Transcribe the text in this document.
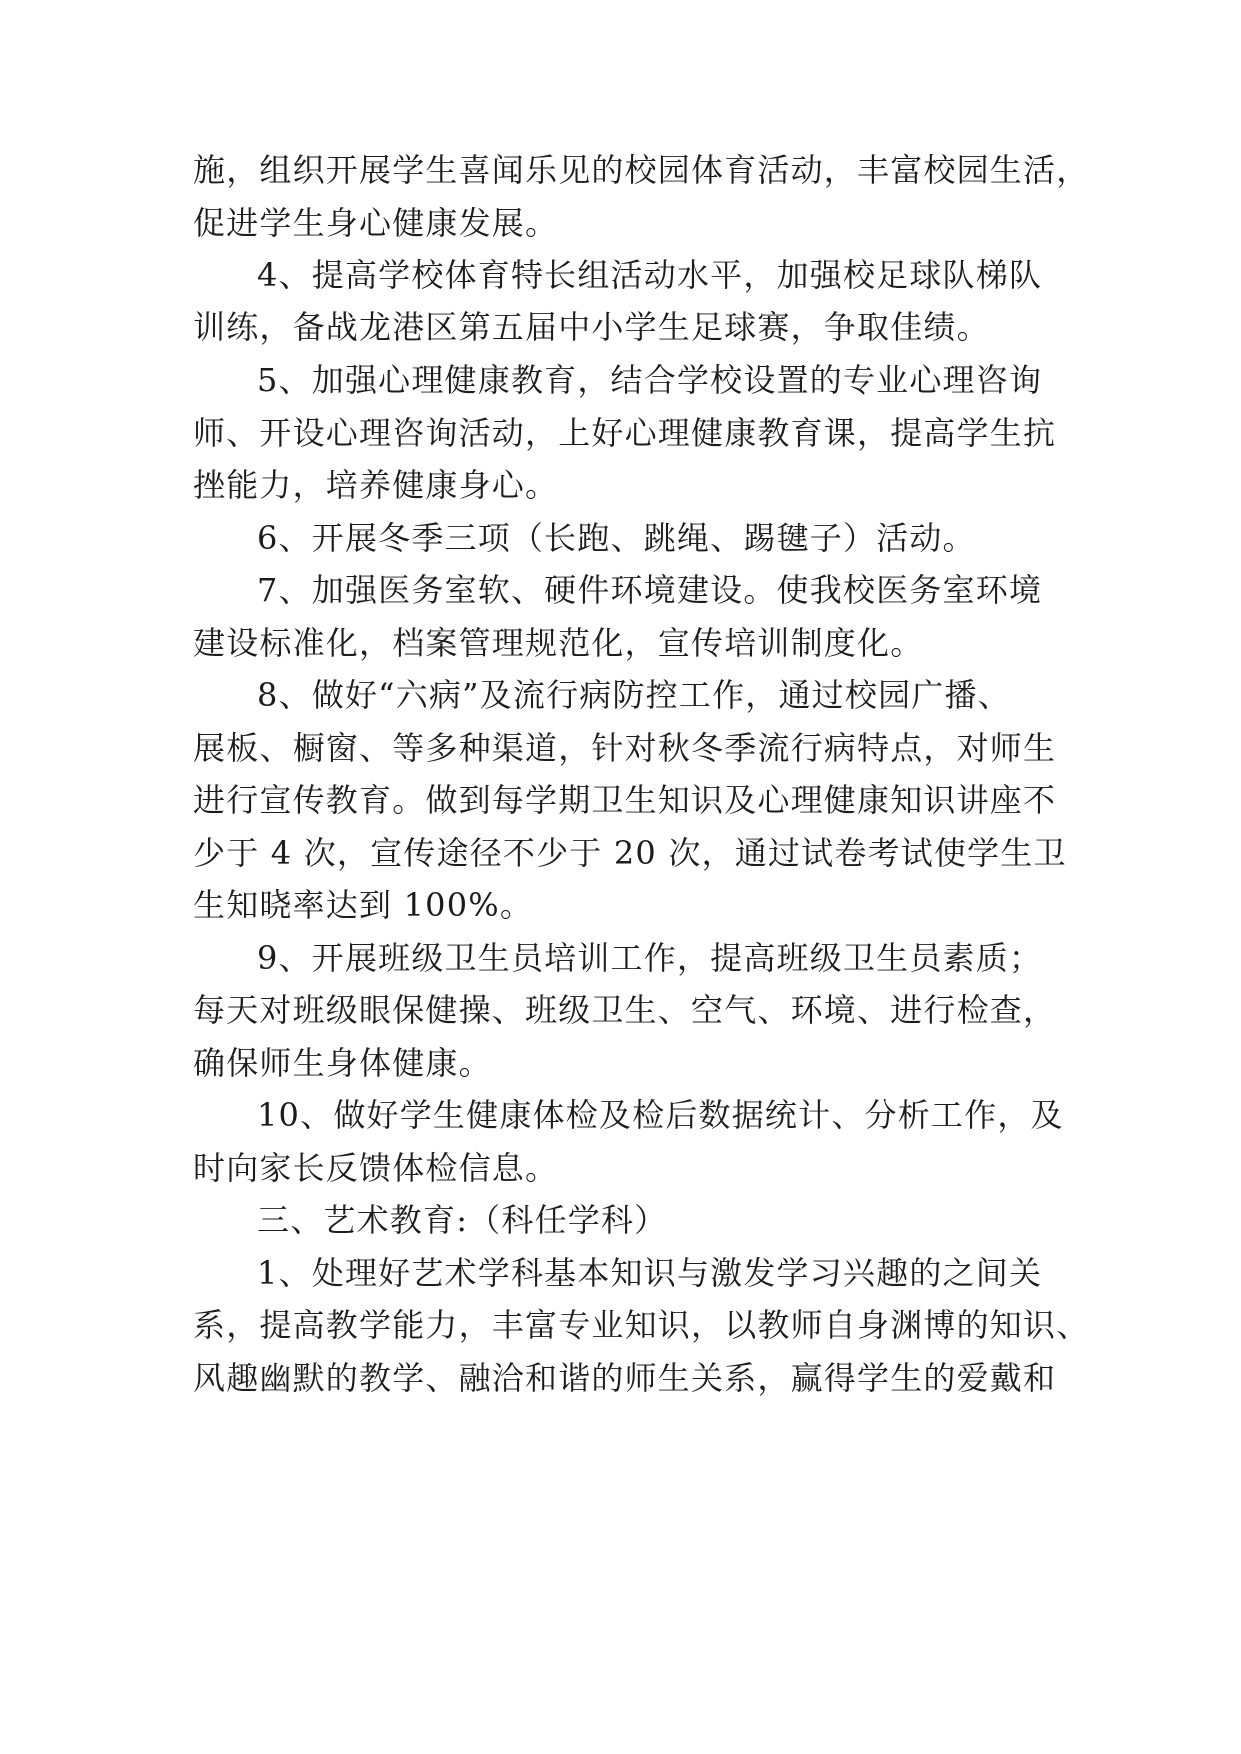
施，组织开展学生喜闻乐见的校园体育活动，丰富校园生活，
促进学生身心健康发展。
4、提高学校体育特长组活动水平，加强校足球队梯队
训练，备战龙港区第五届中小学生足球赛，争取佳绩。
5、加强心理健康教育，结合学校设置的专业心理咨询
师、开设心理咨询活动，上好心理健康教育课，提高学生抗
挫能力，培养健康身心。
6、开展冬季三项（长跑、跳绳、踢毽子）活动。
7、加强医务室软、硬件环境建设。使我校医务室环境
建设标准化，档案管理规范化，宣传培训制度化。
8、做好“六病”及流行病防控工作，通过校园广播、
展板、橱窗、等多种渠道，针对秋冬季流行病特点，对师生
进行宣传教育。做到每学期卫生知识及心理健康知识讲座不
少于 4 次，宣传途径不少于 20 次，通过试卷考试使学生卫
生知晓率达到 100%。
9、开展班级卫生员培训工作，提高班级卫生员素质；
每天对班级眼保健操、班级卫生、空气、环境、进行检查，
确保师生身体健康。
10、做好学生健康体检及检后数据统计、分析工作，及
时向家长反馈体检信息。
三、艺术教育:（科任学科）
1、处理好艺术学科基本知识与激发学习兴趣的之间关
系，提高教学能力，丰富专业知识，以教师自身渊博的知识、
风趣幽默的教学、融洽和谐的师生关系，赢得学生的爱戴和
